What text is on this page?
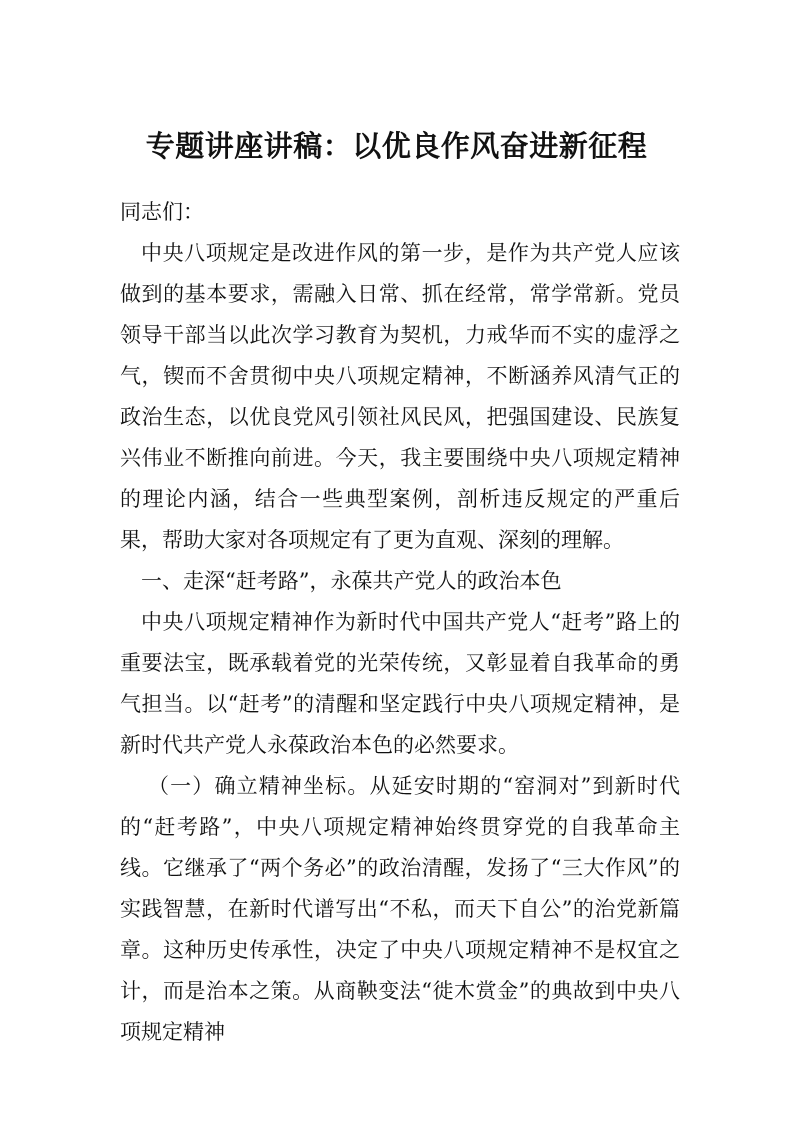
专题讲座讲稿：以优良作风奋进新征程

同志们：

中央八项规定是改进作风的第一步，是作为共产党人应该做到的基本要求，需融入日常、抓在经常，常学常新。党员领导干部当以此次学习教育为契机，力戒华而不实的虚浮之气，锲而不舍贯彻中央八项规定精神，不断涵养风清气正的政治生态，以优良党风引领社风民风，把强国建设、民族复兴伟业不断推向前进。今天，我主要围绕中央八项规定精神的理论内涵，结合一些典型案例，剖析违反规定的严重后果，帮助大家对各项规定有了更为直观、深刻的理解。

一、走深“赶考路”，永葆共产党人的政治本色

中央八项规定精神作为新时代中国共产党人“赶考”路上的重要法宝，既承载着党的光荣传统，又彰显着自我革命的勇气担当。以“赶考”的清醒和坚定践行中央八项规定精神，是新时代共产党人永葆政治本色的必然要求。

（一）确立精神坐标。从延安时期的“窑洞对”到新时代的“赶考路”，中央八项规定精神始终贯穿党的自我革命主线。它继承了“两个务必”的政治清醒，发扬了“三大作风”的实践智慧，在新时代谱写出“不私，而天下自公”的治党新篇章。这种历史传承性，决定了中央八项规定精神不是权宜之计，而是治本之策。从商鞅变法“徙木赏金”的典故到中央八项规定精神
